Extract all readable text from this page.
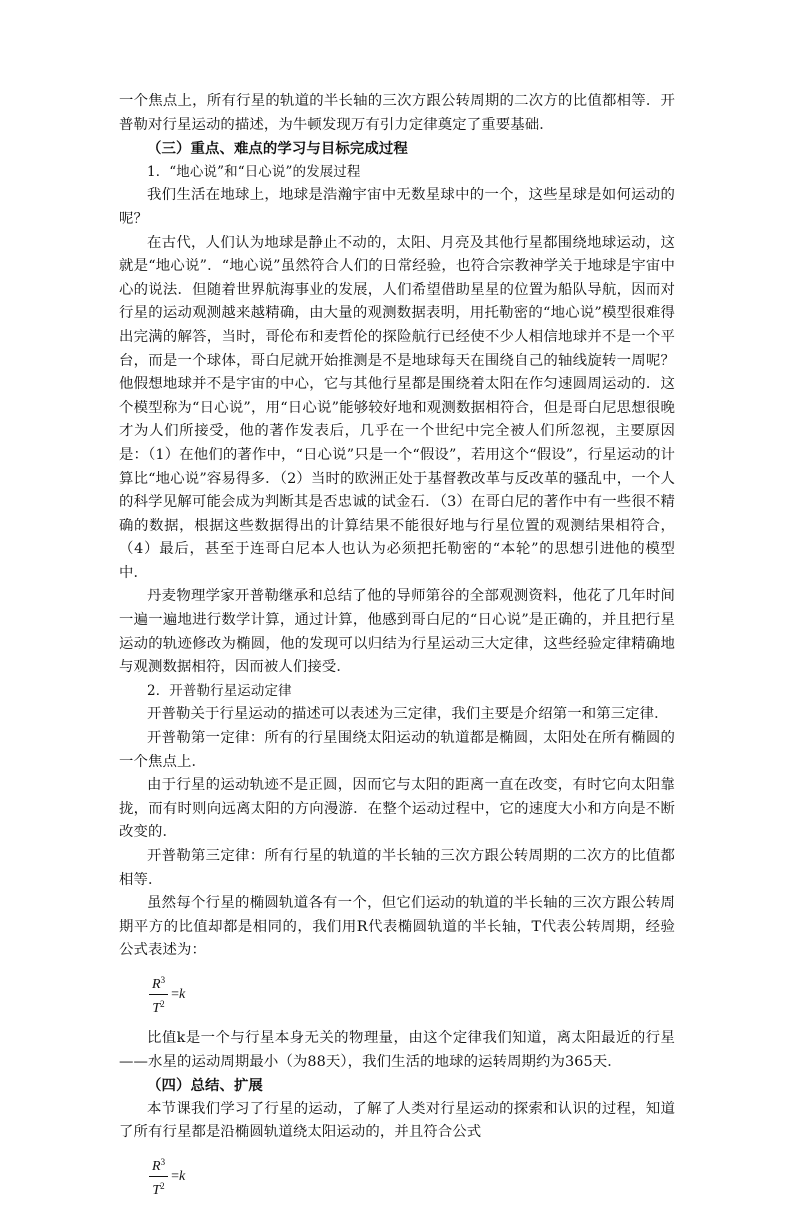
一个焦点上，所有行星的轨道的半长轴的三次方跟公转周期的二次方的比值都相等．开普勒对行星运动的描述，为牛顿发现万有引力定律奠定了重要基础．

（三）重点、难点的学习与目标完成过程

1．“地心说”和“日心说”的发展过程

我们生活在地球上，地球是浩瀚宇宙中无数星球中的一个，这些星球是如何运动的呢？

在古代，人们认为地球是静止不动的，太阳、月亮及其他行星都围绕地球运动，这就是“地心说”．“地心说”虽然符合人们的日常经验，也符合宗教神学关于地球是宇宙中心的说法．但随着世界航海事业的发展，人们希望借助星星的位置为船队导航，因而对行星的运动观测越来越精确，由大量的观测数据表明，用托勒密的“地心说”模型很难得出完满的解答，当时，哥伦布和麦哲伦的探险航行已经使不少人相信地球并不是一个平台，而是一个球体，哥白尼就开始推测是不是地球每天在围绕自己的轴线旋转一周呢？他假想地球并不是宇宙的中心，它与其他行星都是围绕着太阳在作匀速圆周运动的．这个模型称为“日心说”，用“日心说”能够较好地和观测数据相符合，但是哥白尼思想很晚才为人们所接受，他的著作发表后，几乎在一个世纪中完全被人们所忽视，主要原因是：（1）在他们的著作中，“日心说”只是一个“假设”，若用这个“假设”，行星运动的计算比“地心说”容易得多．（2）当时的欧洲正处于基督教改革与反改革的骚乱中，一个人的科学见解可能会成为判断其是否忠诚的试金石．（3）在哥白尼的著作中有一些很不精确的数据，根据这些数据得出的计算结果不能很好地与行星位置的观测结果相符合，（4）最后，甚至于连哥白尼本人也认为必须把托勒密的“本轮”的思想引进他的模型中．

丹麦物理学家开普勒继承和总结了他的导师第谷的全部观测资料，他花了几年时间一遍一遍地进行数学计算，通过计算，他感到哥白尼的“日心说”是正确的，并且把行星运动的轨迹修改为椭圆，他的发现可以归结为行星运动三大定律，这些经验定律精确地与观测数据相符，因而被人们接受．

2．开普勒行星运动定律

开普勒关于行星运动的描述可以表述为三定律，我们主要是介绍第一和第三定律．

开普勒第一定律：所有的行星围绕太阳运动的轨道都是椭圆，太阳处在所有椭圆的一个焦点上．

由于行星的运动轨迹不是正圆，因而它与太阳的距离一直在改变，有时它向太阳靠拢，而有时则向远离太阳的方向漫游．在整个运动过程中，它的速度大小和方向是不断改变的．

开普勒第三定律：所有行星的轨道的半长轴的三次方跟公转周期的二次方的比值都相等．

虽然每个行星的椭圆轨道各有一个，但它们运动的轨道的半长轴的三次方跟公转周期平方的比值却都是相同的，我们用R代表椭圆轨道的半长轴，T代表公转周期，经验公式表述为：

$\frac{R^3}{T^2} = k$

比值k是一个与行星本身无关的物理量，由这个定律我们知道，离太阳最近的行星——水星的运动周期最小（为88天），我们生活的地球的运转周期约为365天．

（四）总结、扩展

本节课我们学习了行星的运动，了解了人类对行星运动的探索和认识的过程，知道了所有行星都是沿椭圆轨道绕太阳运动的，并且符合公式

$\frac{R^3}{T^2} = k$
